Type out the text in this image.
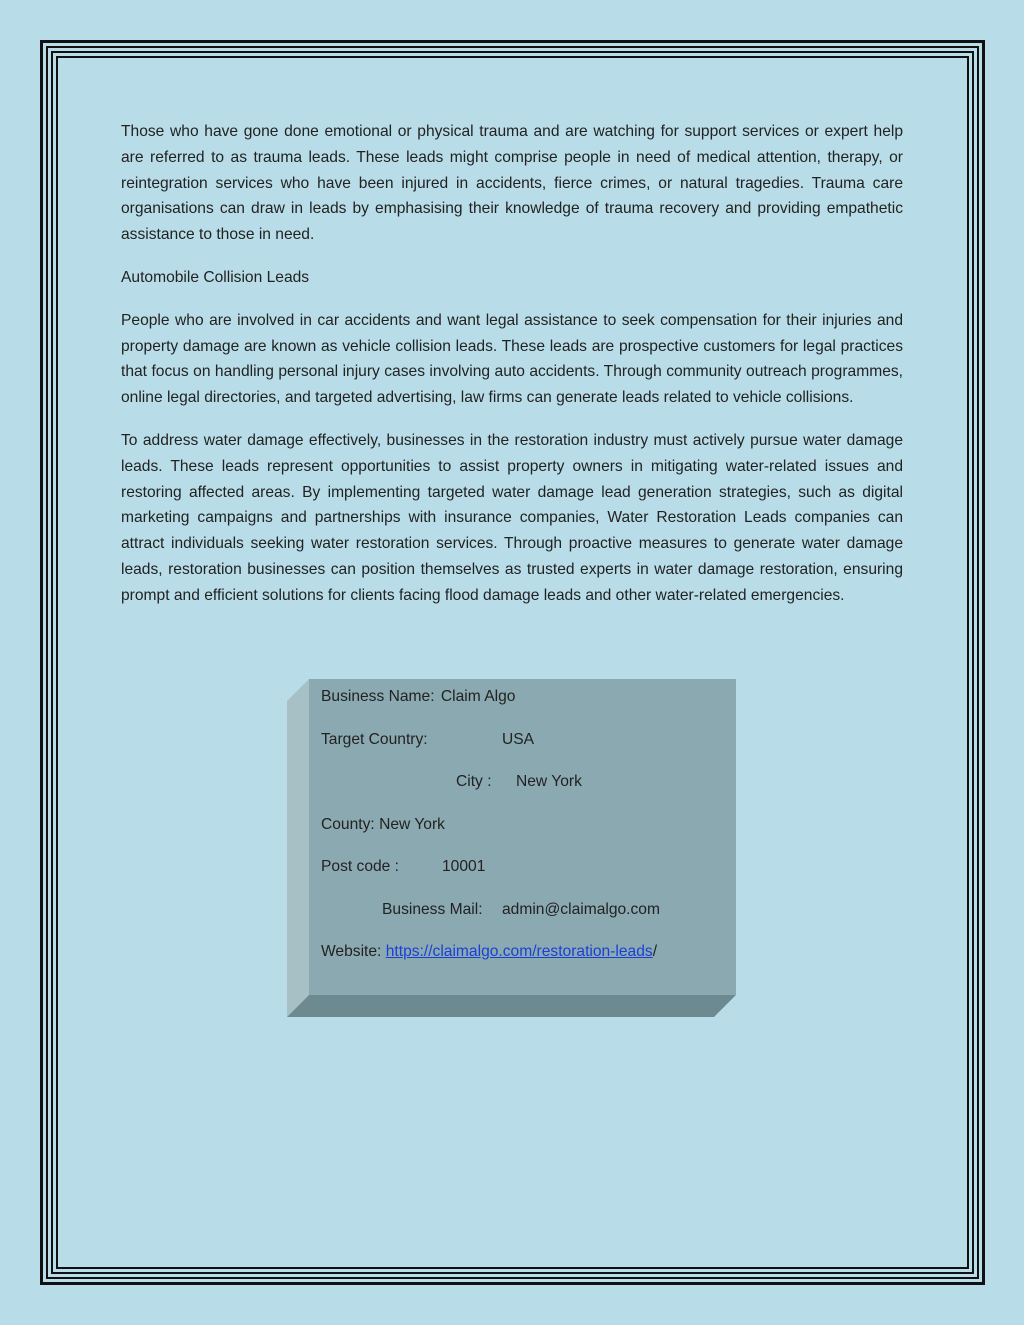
Those who have gone done emotional or physical trauma and are watching for support services or expert help are referred to as trauma leads. These leads might comprise people in need of medical attention, therapy, or reintegration services who have been injured in accidents, fierce crimes, or natural tragedies. Trauma care organisations can draw in leads by emphasising their knowledge of trauma recovery and providing empathetic assistance to those in need.

Automobile Collision Leads

People who are involved in car accidents and want legal assistance to seek compensation for their injuries and property damage are known as vehicle collision leads. These leads are prospective customers for legal practices that focus on handling personal injury cases involving auto accidents. Through community outreach programmes, online legal directories, and targeted advertising, law firms can generate leads related to vehicle collisions.

To address water damage effectively, businesses in the restoration industry must actively pursue water damage leads. These leads represent opportunities to assist property owners in mitigating water-related issues and restoring affected areas. By implementing targeted water damage lead generation strategies, such as digital marketing campaigns and partnerships with insurance companies, Water Restoration Leads companies can attract individuals seeking water restoration services. Through proactive measures to generate water damage leads, restoration businesses can position themselves as trusted experts in water damage restoration, ensuring prompt and efficient solutions for clients facing flood damage leads and other water-related emergencies.

Business Name: Claim Algo
Target Country:	USA
City : New York
County: New York
Post code :	10001
Business Mail: admin@claimalgo.com
Website: https://claimalgo.com/restoration-leads/
